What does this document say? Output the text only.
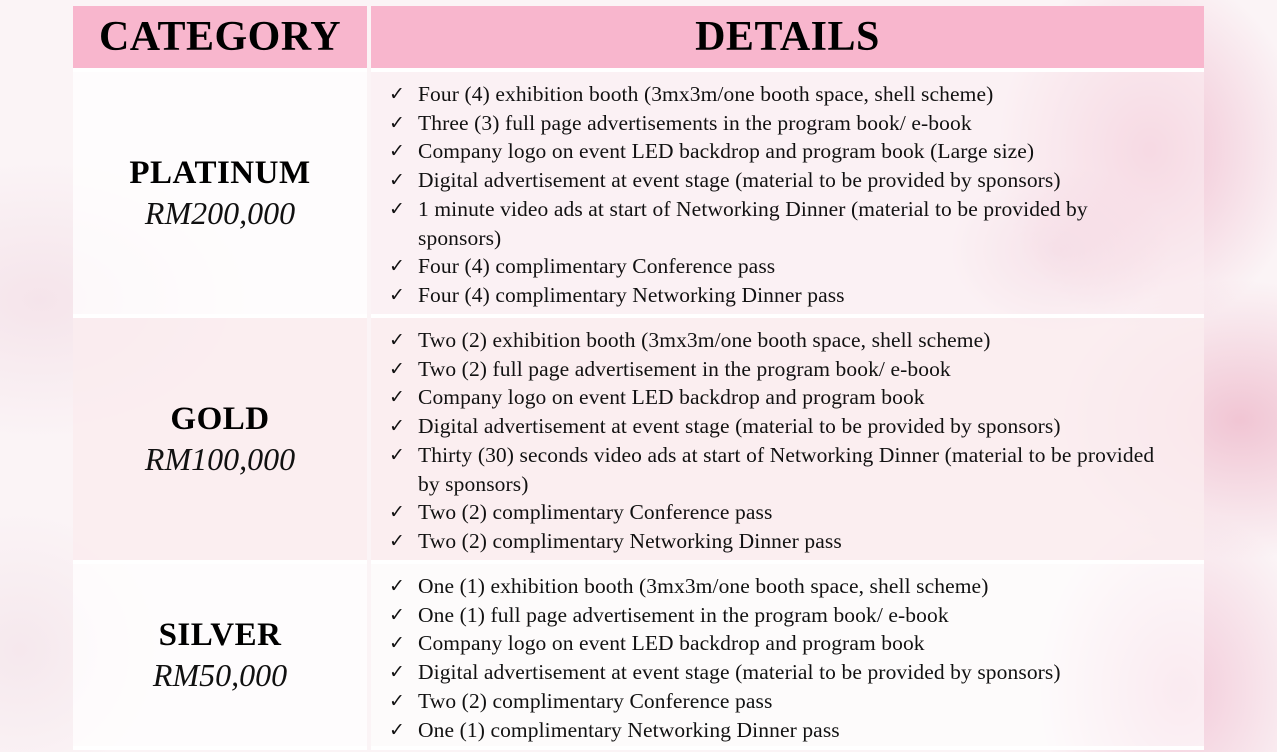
CATEGORY	DETAILS
PLATINUM
RM200,000
✓ Four (4) exhibition booth (3mx3m/one booth space, shell scheme)
✓ Three (3) full page advertisements in the program book/ e-book
✓ Company logo on event LED backdrop and program book (Large size)
✓ Digital advertisement at event stage (material to be provided by sponsors)
✓ 1 minute video ads at start of Networking Dinner (material to be provided by sponsors)
✓ Four (4) complimentary Conference pass
✓ Four (4) complimentary Networking Dinner pass
GOLD
RM100,000
✓ Two (2) exhibition booth (3mx3m/one booth space, shell scheme)
✓ Two (2) full page advertisement in the program book/ e-book
✓ Company logo on event LED backdrop and program book
✓ Digital advertisement at event stage (material to be provided by sponsors)
✓ Thirty (30) seconds video ads at start of Networking Dinner (material to be provided by sponsors)
✓ Two (2) complimentary Conference pass
✓ Two (2) complimentary Networking Dinner pass
SILVER
RM50,000
✓ One (1) exhibition booth (3mx3m/one booth space, shell scheme)
✓ One (1) full page advertisement in the program book/ e-book
✓ Company logo on event LED backdrop and program book
✓ Digital advertisement at event stage (material to be provided by sponsors)
✓ Two (2) complimentary Conference pass
✓ One (1) complimentary Networking Dinner pass
